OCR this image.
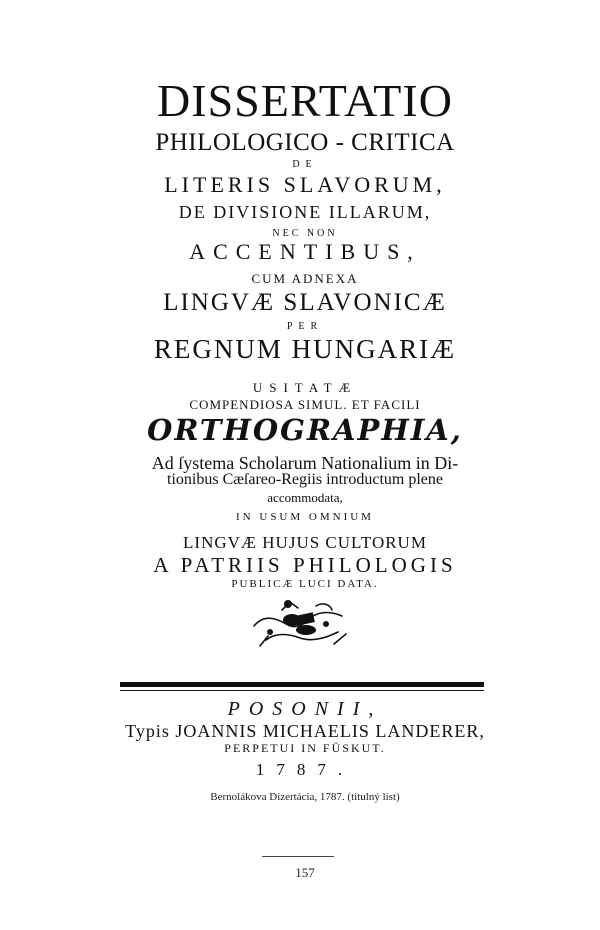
DISSERTATIO
PHILOLOGICO - CRITICA
DE
LITERIS SLAVORUM,
DE DIVISIONE ILLARUM,
NEC NON
ACCENTIBUS,
CUM ADNEXA
LINGVÆ SLAVONICÆ
PER
REGNUM HUNGARIÆ
USITATÆ
COMPENDIOSA SIMUL. ET FACILI
ORTHOGRAPHIA,
Ad ſystema Scholarum Nationalium in Di-
tionibus Cæſareo-Regiis introductum plene
accommodata,
IN USUM OMNIUM
LINGVÆ HUJUS CULTORUM
A PATRIIS PHILOLOGIS
PUBLICÆ LUCI DATA.
POSONII,
Typis JOANNIS MICHAELIS LANDERER,
PERPETUI IN FÜSKUT.
1787.
Bernolákova Dizertácia, 1787. (titulný list)
157
